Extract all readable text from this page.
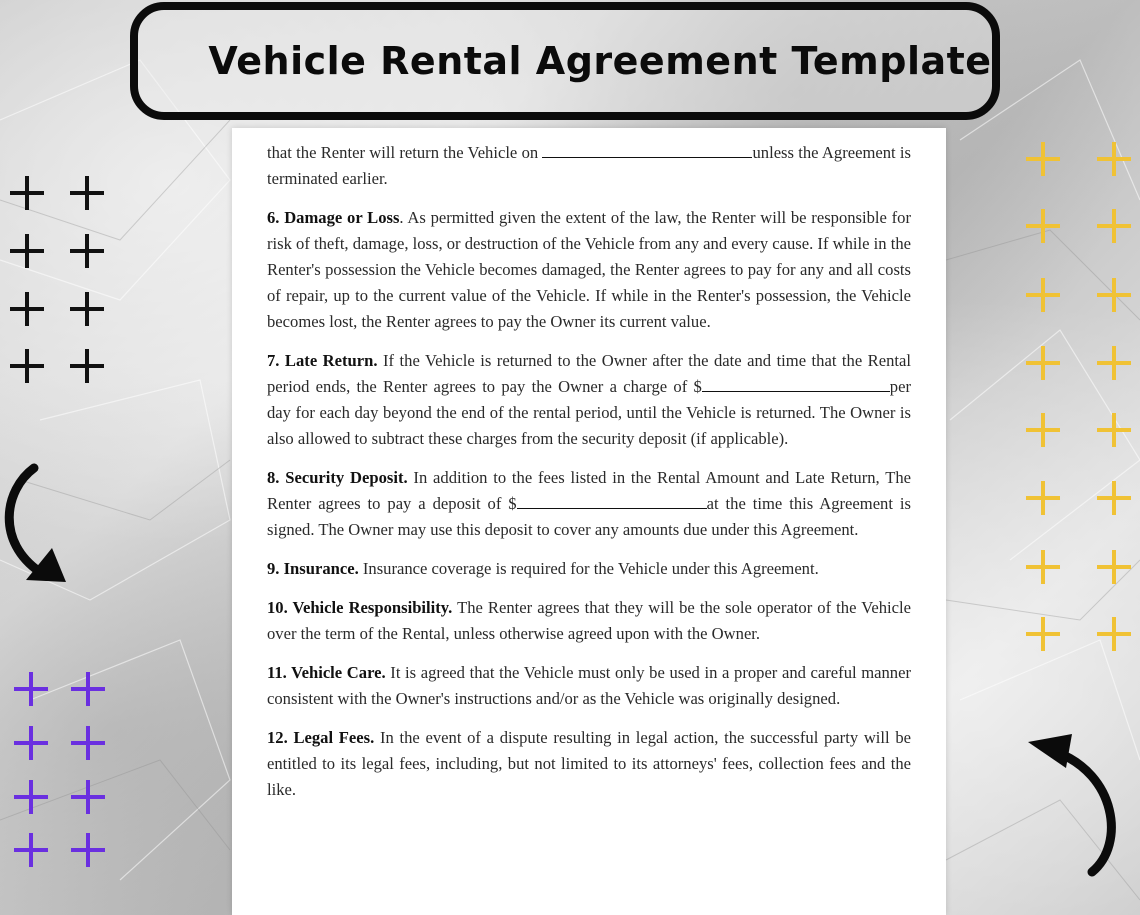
Vehicle Rental Agreement Template

that the Renter will return the Vehicle on	unless the Agreement is terminated earlier.

6. Damage or Loss. As permitted given the extent of the law, the Renter will be responsible for risk of theft, damage, loss, or destruction of the Vehicle from any and every cause. If while in the Renter's possession the Vehicle becomes damaged, the Renter agrees to pay for any and all costs of repair, up to the current value of the Vehicle. If while in the Renter's possession, the Vehicle becomes lost, the Renter agrees to pay the Owner its current value.

7. Late Return. If the Vehicle is returned to the Owner after the date and time that the Rental period ends, the Renter agrees to pay the Owner a charge of $	per day for each day beyond the end of the rental period, until the Vehicle is returned. The Owner is also allowed to subtract these charges from the security deposit (if applicable).

8. Security Deposit. In addition to the fees listed in the Rental Amount and Late Return, The Renter agrees to pay a deposit of $	at the time this Agreement is signed. The Owner may use this deposit to cover any amounts due under this Agreement.

9. Insurance. Insurance coverage is required for the Vehicle under this Agreement.

10. Vehicle Responsibility. The Renter agrees that they will be the sole operator of the Vehicle over the term of the Rental, unless otherwise agreed upon with the Owner.

11. Vehicle Care. It is agreed that the Vehicle must only be used in a proper and careful manner consistent with the Owner's instructions and/or as the Vehicle was originally designed.

12. Legal Fees. In the event of a dispute resulting in legal action, the successful party will be entitled to its legal fees, including, but not limited to its attorneys' fees, collection fees and the like.
